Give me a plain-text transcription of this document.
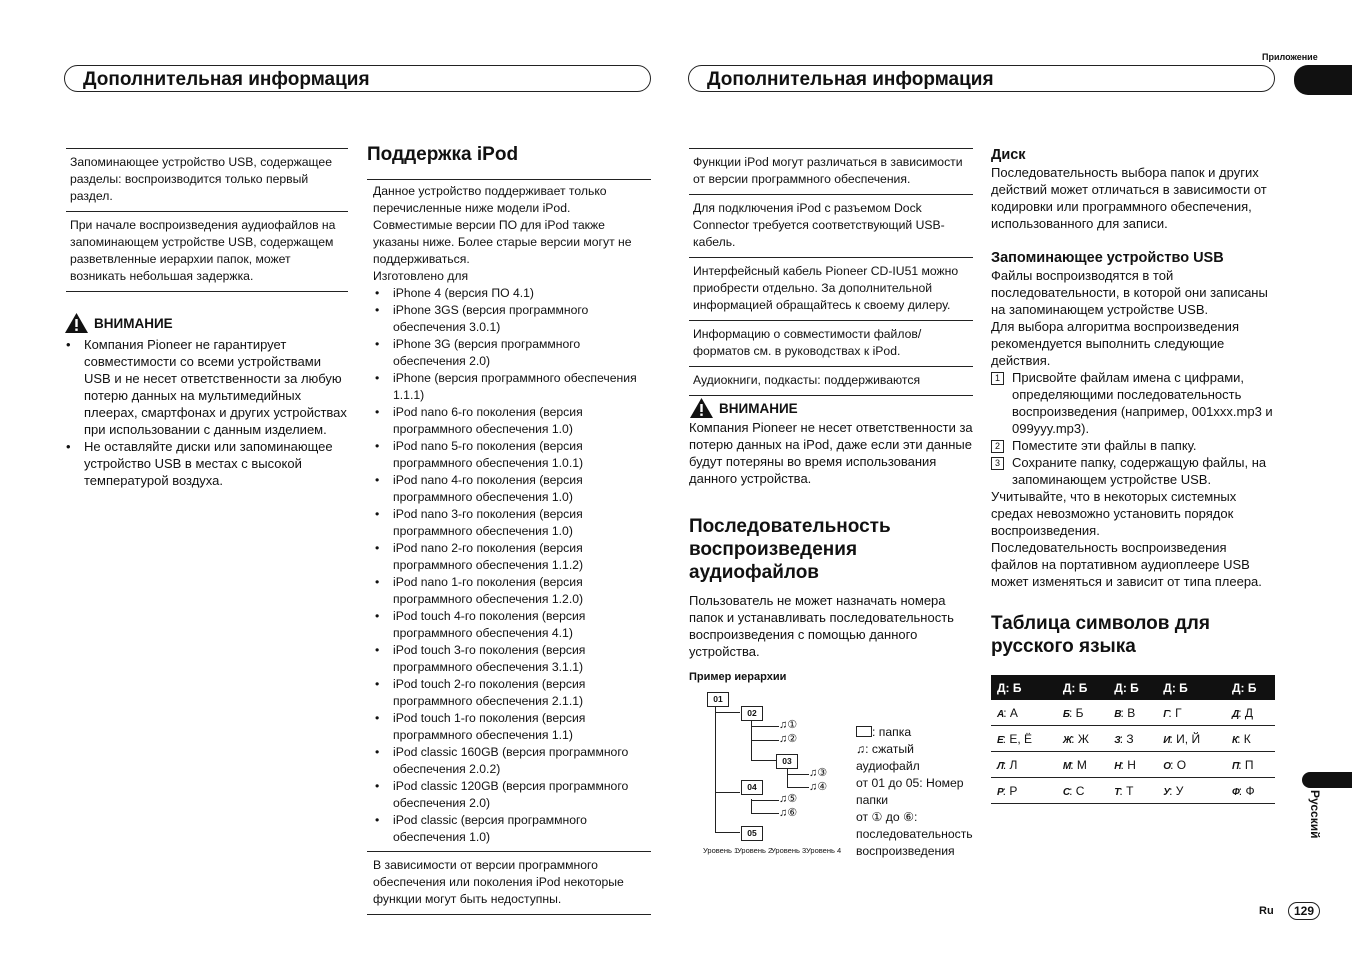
Приложение
Дополнительная информация	Дополнительная информация
Русский
Ru	129
Запоминающее устройство USB, содержащее разделы: воспроизводится только первый раздел.
При начале воспроизведения аудиофайлов на запоминающем устройстве USB, содержащем разветвленные иерархии папок, может возникать небольшая задержка.
ВНИМАНИЕ
• Компания Pioneer не гарантирует совместимости со всеми устройствами USB и не несет ответственности за любую потерю данных на мультимедийных плеерах, смартфонах и других устройствах при использовании с данным изделием.
• Не оставляйте диски или запоминающее устройство USB в местах с высокой температурой воздуха.
Поддержка iPod
Данное устройство поддерживает только перечисленные ниже модели iPod. Совместимые версии ПО для iPod также указаны ниже. Более старые версии могут не поддерживаться.
Изготовлено для
• iPhone 4 (версия ПО 4.1)
• iPhone 3GS (версия программного обеспечения 3.0.1)
• iPhone 3G (версия программного обеспечения 2.0)
• iPhone (версия программного обеспечения 1.1.1)
• iPod nano 6-го поколения (версия программного обеспечения 1.0)
• iPod nano 5-го поколения (версия программного обеспечения 1.0.1)
• iPod nano 4-го поколения (версия программного обеспечения 1.0)
• iPod nano 3-го поколения (версия программного обеспечения 1.0)
• iPod nano 2-го поколения (версия программного обеспечения 1.1.2)
• iPod nano 1-го поколения (версия программного обеспечения 1.2.0)
• iPod touch 4-го поколения (версия программного обеспечения 4.1)
• iPod touch 3-го поколения (версия программного обеспечения 3.1.1)
• iPod touch 2-го поколения (версия программного обеспечения 2.1.1)
• iPod touch 1-го поколения (версия программного обеспечения 1.1)
• iPod classic 160GB (версия программного обеспечения 2.0.2)
• iPod classic 120GB (версия программного обеспечения 2.0)
• iPod classic (версия программного обеспечения 1.0)
В зависимости от версии программного обеспечения или поколения iPod некоторые функции могут быть недоступны.
Функции iPod могут различаться в зависимости от версии программного обеспечения.
Для подключения iPod с разъемом Dock Connector требуется соответствующий USB-кабель.
Интерфейсный кабель Pioneer CD-IU51 можно приобрести отдельно. За дополнительной информацией обращайтесь к своему дилеру.
Информацию о совместимости файлов/форматов см. в руководствах к iPod.
Аудиокниги, подкасты: поддерживаются
ВНИМАНИЕ
Компания Pioneer не несет ответственности за потерю данных на iPod, даже если эти данные будут потеряны во время использования данного устройства.
Последовательность воспроизведения аудиофайлов
Пользователь не может назначать номера папок и устанавливать последовательность воспроизведения с помощью данного устройства.
Пример иерархии
01
02
03
04
05
♫①
♫②
♫③
♫④
♫⑤
♫⑥
Уровень 1
Уровень 2
Уровень 3 Уровень 4
: папка
♫: сжатый аудиофайл
от 01 до 05: Номер папки
от ① до ⑥: последовательность воспроизведения
Диск
Последовательность выбора папок и других действий может отличаться в зависимости от кодировки или программного обеспечения, использованного для записи.
Запоминающее устройство USB
Файлы воспроизводятся в той последовательности, в которой они записаны на запоминающем устройстве USB.
Для выбора алгоритма воспроизведения рекомендуется выполнить следующие действия.
1 Присвойте файлам имена с цифрами, определяющими последовательность воспроизведения (например, 001xxx.mp3 и 099yyy.mp3).
2 Поместите эти файлы в папку.
3 Сохраните папку, содержащую файлы, на запоминающем устройстве USB.
Учитывайте, что в некоторых системных средах невозможно установить порядок воспроизведения.
Последовательность воспроизведения файлов на портативном аудиоплеере USB может изменяться и зависит от типа плеера.
Таблица символов для русского языка
Д: Б	Д: Б	Д: Б	Д: Б	Д: Б
А: А	Б: Б	В: В	Г: Г	Д: Д
Е: Е, Ё	Ж: Ж	З: З	И: И, Й	К: К
Л: Л	М: М	Н: Н	О: О	П: П
Р: Р	С: С	Т: Т	У: У	Ф: Ф
